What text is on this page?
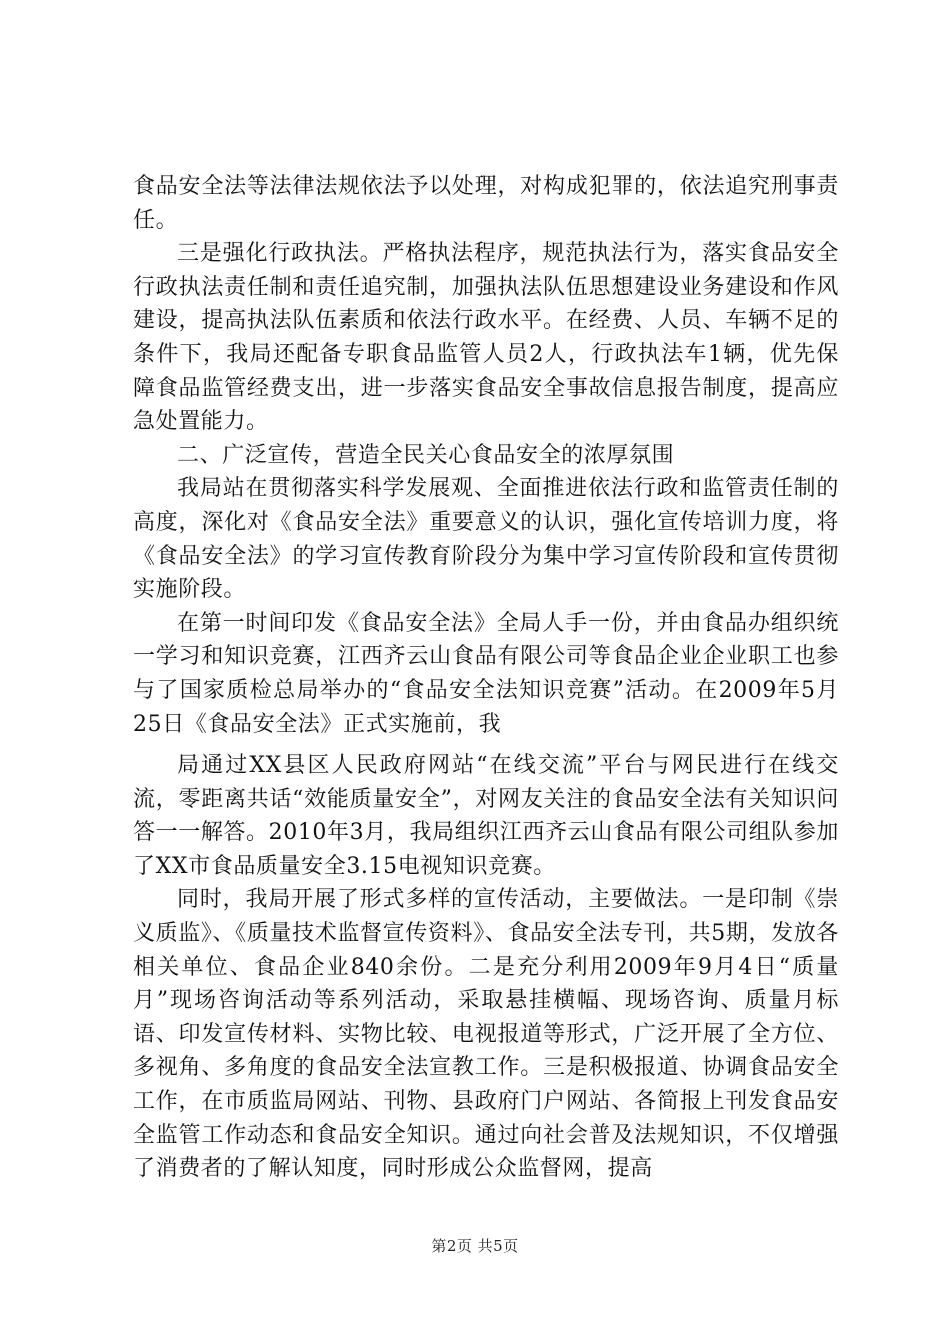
食品安全法等法律法规依法予以处理，对构成犯罪的，依法追究刑事责任。

三是强化行政执法。严格执法程序，规范执法行为，落实食品安全行政执法责任制和责任追究制，加强执法队伍思想建设业务建设和作风建设，提高执法队伍素质和依法行政水平。在经费、人员、车辆不足的条件下，我局还配备专职食品监管人员2人，行政执法车1辆，优先保障食品监管经费支出，进一步落实食品安全事故信息报告制度，提高应急处置能力。

二、广泛宣传，营造全民关心食品安全的浓厚氛围

我局站在贯彻落实科学发展观、全面推进依法行政和监管责任制的高度，深化对《食品安全法》重要意义的认识，强化宣传培训力度，将《食品安全法》的学习宣传教育阶段分为集中学习宣传阶段和宣传贯彻实施阶段。

在第一时间印发《食品安全法》全局人手一份，并由食品办组织统一学习和知识竞赛，江西齐云山食品有限公司等食品企业企业职工也参与了国家质检总局举办的“食品安全法知识竞赛”活动。在2009年5月25日《食品安全法》正式实施前，我

局通过XX县区人民政府网站“在线交流”平台与网民进行在线交流，零距离共话“效能质量安全”，对网友关注的食品安全法有关知识问答一一解答。2010年3月，我局组织江西齐云山食品有限公司组队参加了XX市食品质量安全3.15电视知识竞赛。

同时，我局开展了形式多样的宣传活动，主要做法。一是印制《崇义质监》、《质量技术监督宣传资料》、食品安全法专刊，共5期，发放各相关单位、食品企业840余份。二是充分利用2009年9月4日“质量月”现场咨询活动等系列活动，采取悬挂横幅、现场咨询、质量月标语、印发宣传材料、实物比较、电视报道等形式，广泛开展了全方位、多视角、多角度的食品安全法宣教工作。三是积极报道、协调食品安全工作，在市质监局网站、刊物、县政府门户网站、各简报上刊发食品安全监管工作动态和食品安全知识。通过向社会普及法规知识，不仅增强了消费者的了解认知度，同时形成公众监督网，提高

第2页 共5页
